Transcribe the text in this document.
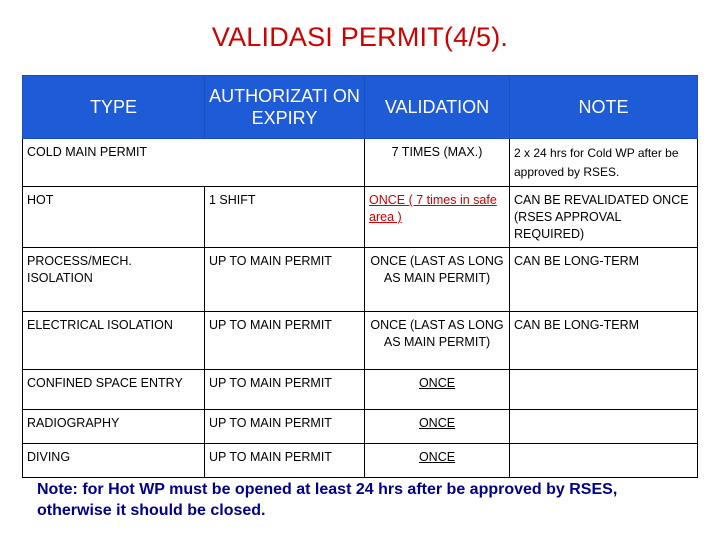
VALIDASI PERMIT(4/5).
TYPE	AUTHORIZATI ON EXPIRY	VALIDATION	NOTE
COLD MAIN PERMIT		7 TIMES (MAX.)	2 x 24 hrs for Cold WP after be approved by RSES.
HOT	1 SHIFT	ONCE ( 7 times in safe area )	CAN BE REVALIDATED ONCE (RSES APPROVAL REQUIRED)
PROCESS/MECH. ISOLATION	UP TO MAIN PERMIT	ONCE (LAST AS LONG AS MAIN PERMIT)	CAN BE LONG-TERM
ELECTRICAL ISOLATION	UP TO MAIN PERMIT	ONCE (LAST AS LONG AS MAIN PERMIT)	CAN BE LONG-TERM
CONFINED SPACE ENTRY	UP TO MAIN PERMIT	ONCE	
RADIOGRAPHY	UP TO MAIN PERMIT	ONCE	
DIVING	UP TO MAIN PERMIT	ONCE	
Note: for Hot WP must be opened at least 24 hrs after be approved by RSES, otherwise it should be closed.
